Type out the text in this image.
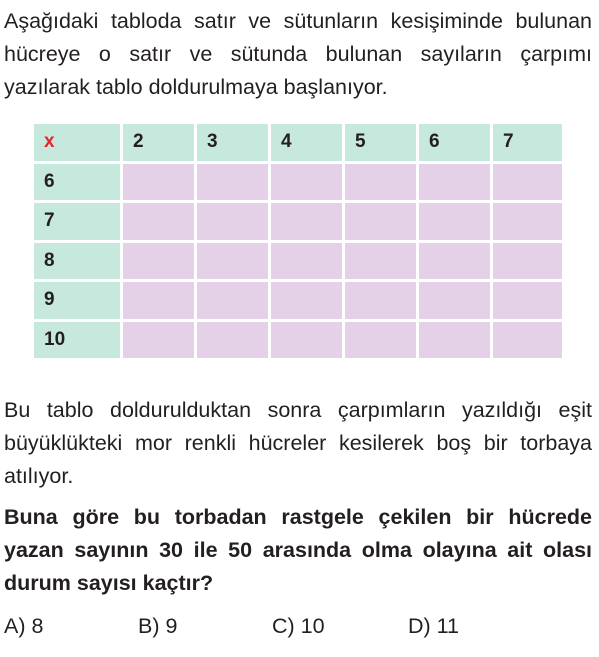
Aşağıdaki tabloda satır ve sütunların kesişiminde bulunan hücreye o satır ve sütunda bulunan sayıların çarpımı yazılarak tablo doldurulmaya başlanıyor.

x	2	3	4	5	6	7
6						
7						
8						
9						
10						

Bu tablo doldurulduktan sonra çarpımların yazıldığı eşit büyüklükteki mor renkli hücreler kesilerek boş bir torbaya atılıyor.

Buna göre bu torbadan rastgele çekilen bir hücrede yazan sayının 30 ile 50 arasında olma olayına ait olası durum sayısı kaçtır?

A) 8	B) 9	C) 10	D) 11
